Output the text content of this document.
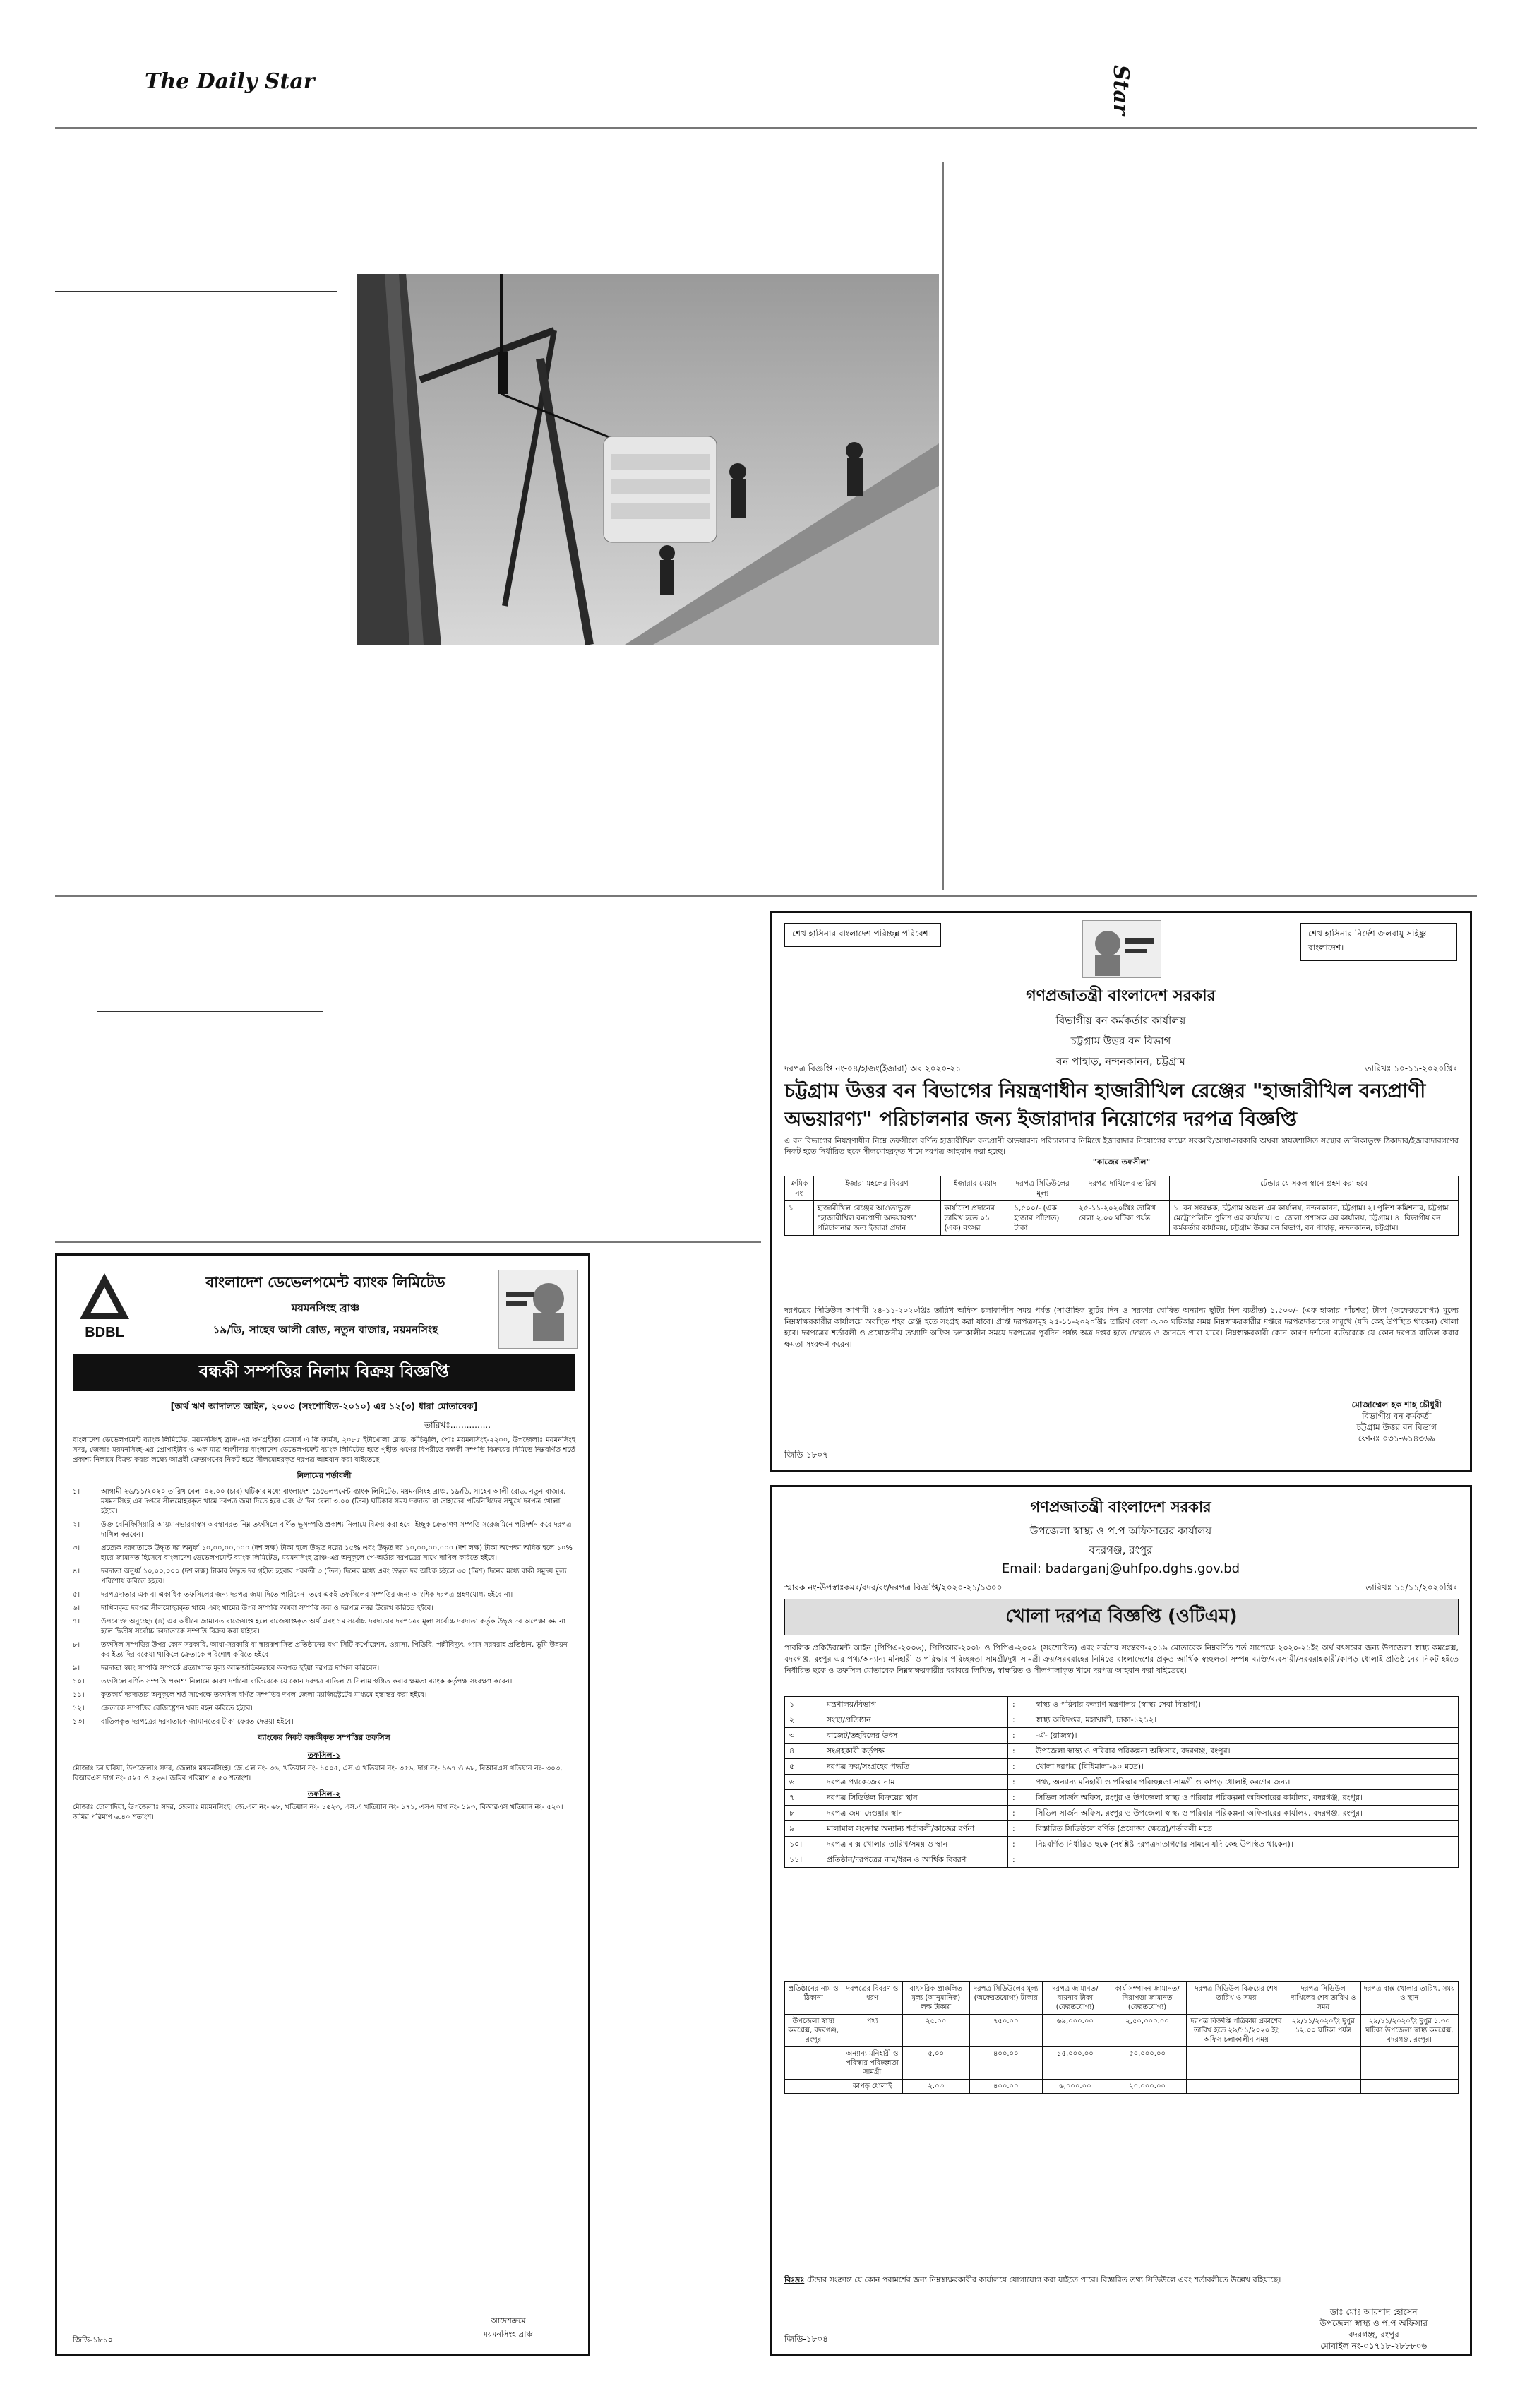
The Daily Star	Star
BDBL
বাংলাদেশ ডেভেলপমেন্ট ব্যাংক লিমিটেড
ময়মনসিংহ ব্রাঞ্চ
১৯/ডি, সাহেব আলী রোড, নতুন বাজার, ময়মনসিংহ
বন্ধকী সম্পত্তির নিলাম বিক্রয় বিজ্ঞপ্তি
[অর্থ ঋণ আদালত আইন, ২০০৩ (সংশোধিত-২০১০) এর ১২(৩) ধারা মোতাবেক]
তারিখঃ...............

বাংলাদেশ ডেভেলপমেন্ট ব্যাংক লিমিটেড, ময়মনসিংহ ব্রাঞ্চ-এর ঋণগ্রহীতা মেসার্স এ কি ফার্মস, ২০৮৫ ইটাখোলা রোড, কাঁচিঝুলি, পোঃ ময়মনসিংহ-২২০০, উপজেলাঃ ময়মনসিংহ সদর, জেলাঃ ময়মনসিংহ-এর প্রোপাইটার ও এক মাত্র অংশীদার বাংলাদেশ ডেভেলপমেন্ট ব্যাংক লিমিটেড হতে গৃহীত ঋণের বিপরীতে বন্ধকী সম্পত্তি বিক্রয়ের নিমিত্তে নিম্নবর্ণিত শর্তে প্রকাশ্য নিলামে বিক্রয় করার লক্ষ্যে আগ্রহী ক্রেতাগণের নিকট হতে সীলমোহরকৃত দরপত্র আহবান করা যাইতেছে।

নিলামের শর্তাবলী
১।	আগামী ২৬/১১/২০২০ তারিখ বেলা ০২.০০ (চার) ঘটিকার মধ্যে বাংলাদেশ ডেভেলপমেন্ট ব্যাংক লিমিটেড, ময়মনসিংহ ব্রাঞ্চ, ১৯/ডি, সাহেব আলী রোড, নতুন বাজার, ময়মনসিংহ এর দপ্তরে সীলমোহরকৃত খামে দরপত্র জমা দিতে হবে এবং ঐ দিন বেলা ৩.০০ (তিন) ঘটিকার সময় দরদাতা বা তাহাদের প্রতিনিধিদের সম্মুখে দরপত্র খোলা হইবে।
২।	উক্ত বেনিফিসিয়ারি আয়মানভারবাস্বস অবস্থানরত নিম্ন তফসিলে বর্ণিত ভূসম্পত্তি প্রকাশ্য নিলামে বিক্রয় করা হবে। ইচ্ছুক ক্রেতাগণ সম্পত্তি সরেজমিনে পরিদর্শন করে দরপত্র দাখিল করবেন।
৩।	প্রত্যেক দরদাতাকে উদ্ধৃত দর অনুর্ধ্ব ১০,০০,০০,০০০ (দশ লক্ষ) টাকা হলে উদ্ধৃত দরের ১৫% এবং উদ্ধৃত দর ১০,০০,০০,০০০ (দশ লক্ষ) টাকা অপেক্ষা অধিক হলে ১০% হারে জামানত হিসেবে বাংলাদেশ ডেভেলপমেন্ট ব্যাংক লিমিটেড, ময়মনসিংহ ব্রাঞ্চ-এর অনুকূলে পে-অর্ডার দরপত্রের সাথে দাখিল করিতে হইবে।
৪।	দরদাতা অনুর্ধ্ব ১০,০০,০০০ (দশ লক্ষ) টাকার উদ্ধৃত দর গৃহীত হইবার পরবর্তী ৩ (তিন) দিনের মধ্যে এবং উদ্ধৃত দর অধিক হইলে ৩০ (ত্রিশ) দিনের মধ্যে বাকী সমুদয় মূল্য পরিশোধ করিতে হইবে।
৫।	দরপত্রদাতার এক বা একাধিক তফসিলের জন্য দরপত্র জমা দিতে পারিবেন। তবে একই তফসিলের সম্পত্তির জন্য আংশিক দরপত্র গ্রহণযোগ্য হইবে না।
৬।	দাখিলকৃত দরপত্র সীলমোহরকৃত খামে এবং খামের উপর সম্পত্তি অথবা সম্পত্তি ক্রয় ও দরপত্র নম্বর উল্লেখ করিতে হইবে।
৭।	উপরোক্ত অনুচ্ছেদ (৪) এর অধীনে জামানত বাজেয়াপ্ত হলে বাজেয়াপ্তকৃত অর্থ এবং ১ম সর্বোচ্চ দরদাতার দরপত্রের মূল্য সর্বোচ্চ দরদাতা কর্তৃক উদ্বৃত্ত দর অপেক্ষা কম না হলে দ্বিতীয় সর্বোচ্চ দরদাতাকে সম্পত্তি বিক্রয় করা যাইবে।
৮।	তফসিল সম্পত্তির উপর কোন সরকারি, আধা-সরকারি বা স্বায়ত্বশাসিত প্রতিষ্ঠানের যথা সিটি কর্পোরেশন, ওয়াসা, পিডিবি, পল্লীবিদ্যুৎ, গ্যাস সরবরাহ প্রতিষ্ঠান, ভূমি উন্নয়ন কর ইত্যাদির বকেয়া থাকিলে ক্রেতাকে পরিশোধ করিতে হইবে।
৯।	দরদাতা স্বয়ং সম্পত্তি সম্পর্কে প্রত্যাখ্যাত মূল্য আন্তর্জাতিকভাবে অবগত হইয়া দরপত্র দাখিল করিবেন।
১০।	তফসিলে বর্ণিত সম্পত্তি প্রকাশ্য নিলামে কারণ দর্শানো ব্যতিরেকে যে কোন দরপত্র বাতিল ও নিলাম স্থগিত করার ক্ষমতা ব্যাংক কর্তৃপক্ষ সংরক্ষণ করেন।
১১।	কুতকার্য দরদাতার অনুকূলে শর্ত সাপেক্ষে তফসিল বর্ণিত সম্পত্তির দখল জেলা ম্যাজিস্ট্রেটের মাধ্যমে হস্তান্তর করা হইবে।
১২।	ক্রেতাকে সম্পত্তির রেজিষ্ট্রেশন খরচ বহন করিতে হইবে।
১৩।	বাতিলকৃত দরপত্রের দরদাতাকে জামানতের টাকা ফেরত দেওয়া হইবে।
ব্যাংকের নিকট বন্ধকীকৃত সম্পত্তির তফসিল
তফসিল-১

মৌজাঃ চর ঘরিয়া, উপজেলাঃ সদর, জেলাঃ ময়মনসিংহ। জে.এল নং- ৩৬, খতিয়ান নং- ১০০৫, এস.এ খতিয়ান নং- ৩৫৬, দাগ নং- ১৬৭ ও ৬৮, বিআরএস খতিয়ান নং- ৩০৩, বিআরএস দাগ নং- ৫২৫ ও ৫২৬। জমির পরিমাণ ৫.৫০ শতাংশ।

তফসিল-২

মৌজাঃ ঢোলাদিয়া, উপজেলাঃ সদর, জেলাঃ ময়মনসিংহ। জে.এল নং- ৬৮, খতিয়ান নং- ১৫২৩, এস.এ খতিয়ান নং- ১৭১, এসএ দাগ নং- ১৯৩, বিআরএস খতিয়ান নং- ৫২০। জমির পরিমাণ ৬.৪০ শতাংশ।

জিডি-১৮১০
আদেশক্রমে
ময়মনসিংহ ব্রাঞ্চ
শেখ হাসিনার বাংলাদেশ পরিচ্ছন্ন পরিবেশ।	শেখ হাসিনার নির্দেশ জলবায়ু সহিষ্ণু বাংলাদেশ।
গণপ্রজাতন্ত্রী বাংলাদেশ সরকার
বিভাগীয় বন কর্মকর্তার কার্যালয়
চট্টগ্রাম উত্তর বন বিভাগ
বন পাহাড়, নন্দনকানন, চট্টগ্রাম
দরপত্র বিজ্ঞপ্তি নং-০৪/হাজং(ইজারা) অব ২০২০-২১	তারিখঃ ১০-১১-২০২০খ্রিঃ
চট্টগ্রাম উত্তর বন বিভাগের নিয়ন্ত্রণাধীন হাজারীখিল রেঞ্জের "হাজারীখিল বন্যপ্রাণী অভয়ারণ্য" পরিচালনার জন্য ইজারাদার নিয়োগের দরপত্র বিজ্ঞপ্তি
এ বন বিভাগের নিয়ন্ত্রণাধীন নিম্নে তফসীলে বর্ণিত হাজারীখিল বন্যপ্রাণী অভয়ারণ্য পরিচালনার নিমিত্তে ইজারাদার নিয়োগের লক্ষ্যে সরকারি/আধা-সরকারি অথবা স্বায়ত্তশাসিত সংস্থার তালিকাভুক্ত ঠিকাদার/ইজারাদারগণের নিকট হতে নির্ধারিত ছকে সীলমোহরকৃত খামে দরপত্র আহবান করা হচ্ছে।
"কাজের তফসীল"
ক্রমিক নং	ইজারা মহলের বিবরণ	ইজারার মেয়াদ	দরপত্র সিডিউলের মূল্য	দরপত্র দাখিলের তারিখ	টেন্ডার যে সকল স্থানে গ্রহণ করা হবে
১	হাজারীখিল রেঞ্জের আওতাভুক্ত "হাজারীখিল বন্যপ্রাণী অভয়ারণ্য" পরিচালনার জন্য ইজারা প্রদান	কার্যাদেশ প্রদানের তারিখ হতে ০১ (এক) বৎসর	১,৫০০/- (এক হাজার পাঁচশত) টাকা	২৫-১১-২০২০খ্রিঃ তারিখ বেলা ২.০০ ঘটিকা পর্যন্ত	১। বন সংরক্ষক, চট্টগ্রাম অঞ্চল এর কার্যালয়, নন্দনকানন, চট্টগ্রাম। ২। পুলিশ কমিশনার, চট্টগ্রাম মেট্রোপলিটন পুলিশ এর কার্যালয়। ৩। জেলা প্রশাসক এর কার্যালয়, চট্টগ্রাম। ৪। বিভাগীয় বন কর্মকর্তার কার্যালয়, চট্টগ্রাম উত্তর বন বিভাগ, বন পাহাড়, নন্দনকানন, চট্টগ্রাম।
দরপত্রের সিডিউল আগামী ২৪-১১-২০২০খ্রিঃ তারিখ অফিস চলাকালীন সময় পর্যন্ত (সাপ্তাহিক ছুটির দিন ও সরকার ঘোষিত অন্যান্য ছুটির দিন ব্যতীত) ১,৫০০/- (এক হাজার পাঁচশত) টাকা (অফেরতযোগ্য) মূল্যে নিম্নস্বাক্ষরকারীর কার্যালয়ে অবস্থিত শহর রেঞ্জ হতে সংগ্রহ করা যাবে। প্রাপ্ত দরপত্রসমূহ ২৫-১১-২০২০খ্রিঃ তারিখ বেলা ৩.৩০ ঘটিকার সময় নিম্নস্বাক্ষরকারীর দপ্তরে দরপত্রদাতাদের সম্মুখে (যদি কেহ উপস্থিত থাকেন) খোলা হবে। দরপত্রের শর্তাবলী ও প্রয়োজনীয় তথ্যাদি অফিস চলাকালীন সময়ে দরপত্রের পূর্বদিন পর্যন্ত অত্র দপ্তর হতে দেখতে ও জানতে পারা যাবে। নিম্নস্বাক্ষরকারী কোন কারণ দর্শানো ব্যতিরেকে যে কোন দরপত্র বাতিল করার ক্ষমতা সংরক্ষণ করেন।
মোজাম্মেল হক শাহ চৌধুরী
বিভাগীয় বন কর্মকর্তা
চট্টগ্রাম উত্তর বন বিভাগ
ফোনঃ ০৩১-৬১৪৩৬৯
জিডি-১৮০৭
গণপ্রজাতন্ত্রী বাংলাদেশ সরকার
উপজেলা স্বাস্থ্য ও প.প অফিসারের কার্যালয়
বদরগঞ্জ, রংপুর
Email: badarganj@uhfpo.dghs.gov.bd
স্মারক নং-উপস্বাঃকমঃ/বদর/রং/দরপত্র বিজ্ঞপ্তি/২০২০-২১/১৩০০	তারিখঃ ১১/১১/২০২০খ্রিঃ
খোলা দরপত্র বিজ্ঞপ্তি (ওটিএম)
পাবলিক প্রকিউরমেন্ট আইন (পিপিএ-২০০৬), পিপিআর-২০০৮ ও পিপিএ-২০০৯ (সংশোধিত) এবং সর্বশেষ সংস্করণ-২০১৯ মোতাবেক নিম্নবর্ণিত শর্ত সাপেক্ষে ২০২০-২১ইং অর্থ বৎসরের জন্য উপজেলা স্বাস্থ্য কমপ্লেক্স, বদরগঞ্জ, রংপুর এর পথ্য/অন্যান্য মনিহারী ও পরিস্কার পরিচ্ছন্নতা সামগ্রী/দুগ্ধ সামগ্রী ক্রয়/সরবরাহের নিমিত্তে বাংলাদেশের প্রকৃত আর্থিক স্বচ্ছলতা সম্পন্ন ব্যক্তি/ব্যবসায়ী/সরবরাহকারী/কাপড় ধোলাই প্রতিষ্ঠানের নিকট হইতে নির্ধারিত ছকে ও তফসিল মোতাবেক নিম্নস্বাক্ষরকারীর বরাবরে লিখিত, স্বাক্ষরিত ও সীলগালাকৃত খামে দরপত্র আহবান করা যাইতেছে।
১।	মন্ত্রণালয়/বিভাগ	:	স্বাস্থ্য ও পরিবার কল্যাণ মন্ত্রণালয় (স্বাস্থ্য সেবা বিভাগ)।
২।	সংস্থা/প্রতিষ্ঠান	:	স্বাস্থ্য অধিদপ্তর, মহাখালী, ঢাকা-১২১২।
৩।	বাজেট/তহবিলের উৎস	:	-ঐ- (রাজস্ব)।
৪।	সংগ্রহকারী কর্তৃপক্ষ	:	উপজেলা স্বাস্থ্য ও পরিবার পরিকল্পনা অফিসার, বদরগঞ্জ, রংপুর।
৫।	দরপত্র ক্রয়/সংগ্রহের পদ্ধতি	:	খোলা দরপত্র (বিধিমালা-৯০ মতে)।
৬।	দরপত্র প্যাকেজের নাম	:	পথ্য, অন্যান্য মনিহারী ও পরিস্কার পরিচ্ছন্নতা সামগ্রী ও কাপড় ধোলাই করণের জন্য।
৭।	দরপত্র সিডিউল বিক্রয়ের স্থান	:	সিভিল সার্জন অফিস, রংপুর ও উপজেলা স্বাস্থ্য ও পরিবার পরিকল্পনা অফিসারের কার্যালয়, বদরগঞ্জ, রংপুর।
৮।	দরপত্র জমা দেওয়ার স্থান	:	সিভিল সার্জন অফিস, রংপুর ও উপজেলা স্বাস্থ্য ও পরিবার পরিকল্পনা অফিসারের কার্যালয়, বদরগঞ্জ, রংপুর।
৯।	মালামাল সংক্রান্ত অন্যান্য শর্তাবলী/কাজের বর্ণনা	:	বিস্তারিত সিডিউলে বর্ণিত (প্রযোজ্য ক্ষেত্রে)/শর্তাবলী মতে।
১০।	দরপত্র বাক্স খোলার তারিখ/সময় ও স্থান	:	নিম্নবর্ণিত নির্ধারিত ছকে (সংশ্লিষ্ট দরপত্রদাতাগণের সামনে যদি কেহ উপস্থিত থাকেন)।
১১।	প্রতিষ্ঠান/দরপত্রের নাম/ধরন ও আর্থিক বিবরণ	:	
প্রতিষ্ঠানের নাম ও ঠিকানা	দরপত্রের বিবরণ ও ধরণ	বাৎসরিক প্রাক্কলিত মূল্য (আনুমানিক) লক্ষ টাকায়	দরপত্র সিডিউলের মূল্য (অফেরতযোগ্য) টাকায়	দরপত্র জামানত/বায়নার টাকা (ফেরতযোগ্য)	কার্য সম্পাদন জামানত/নিরাপত্তা জামানত (ফেরতযোগ্য)	দরপত্র সিডিউল বিক্রয়ের শেষ তারিখ ও সময়	দরপত্র সিডিউল দাখিলের শেষ তারিখ ও সময়	দরপত্র বাক্স খোলার তারিখ, সময় ও স্থান
উপজেলা স্বাস্থ্য কমপ্লেক্স, বদরগঞ্জ, রংপুর	পথ্য	২৫.০০	৭৫০.০০	৬৯,০০০.০০	২,৫০,০০০.০০	দরপত্র বিজ্ঞপ্তি পত্রিকায় প্রকাশের তারিখ হতে ২৯/১১/২০২০ ইং অফিস চলাকালীন সময়	২৯/১১/২০২০ইং দুপুর ১২.০০ ঘটিকা পর্যন্ত	২৯/১১/২০২০ইং দুপুর ১.৩০ ঘটিকা উপজেলা স্বাস্থ্য কমপ্লেক্স, বদরগঞ্জ, রংপুর।
	অন্যান্য মনিহারী ও পরিস্কার পরিচ্ছন্নতা সামগ্রী	৫.০০	৪০০.০০	১৫,০০০.০০	৫০,০০০.০০			
	কাপড় ধোলাই	২.০৩	৪০০.০০	৬,০০০.০০	২০,০০০.০০			
বিঃদ্রঃ টেন্ডার সংক্রান্ত যে কোন পরামর্শের জন্য নিম্নস্বাক্ষরকারীর কার্যালয়ে যোগাযোগ করা যাইতে পারে। বিস্তারিত তথ্য সিডিউলে এবং শর্তাবলীতে উল্লেখ রহিয়াছে।
ডাঃ মোঃ আরশাদ হোসেন
উপজেলা স্বাস্থ্য ও প.প অফিসার
বদরগঞ্জ, রংপুর
মোবাইল নং-০১৭১৮-২৮৮৮০৬
জিডি-১৮০৪
